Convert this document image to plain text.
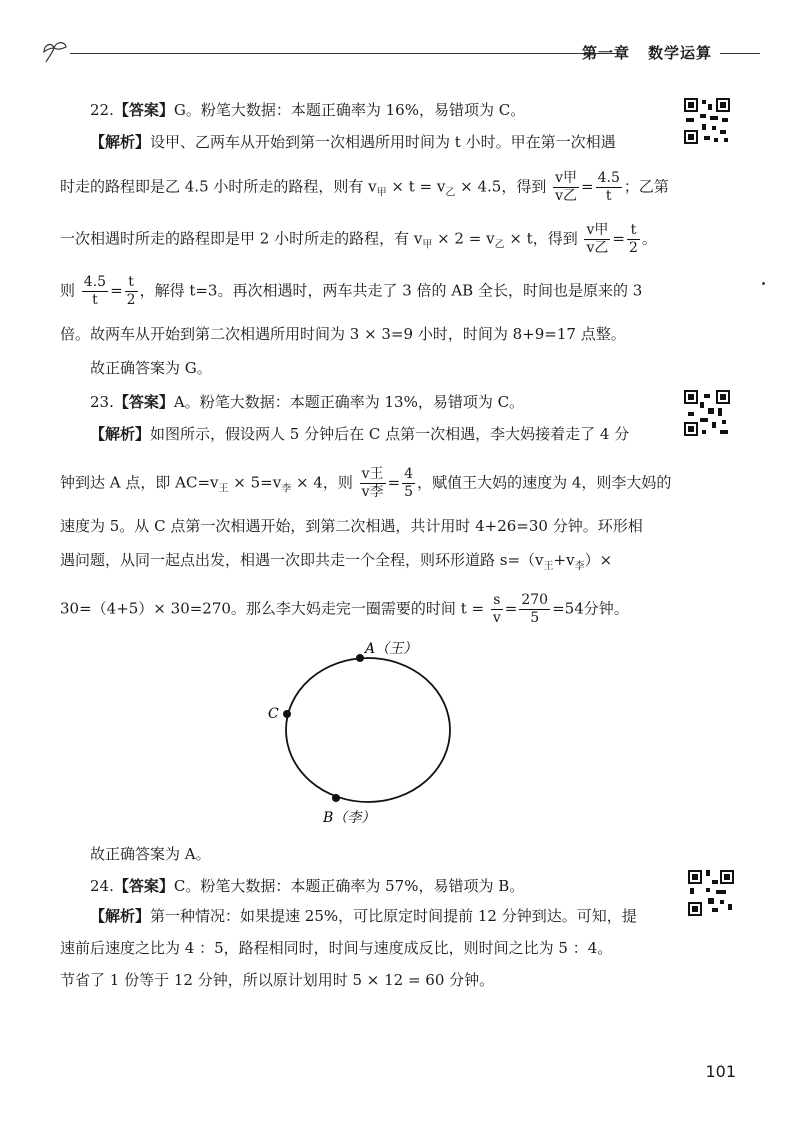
第一章 数学运算
22.【答案】G。粉笔大数据：本题正确率为 16%，易错项为 C。
【解析】设甲、乙两车从开始到第一次相遇所用时间为 t 小时。甲在第一次相遇
时走的路程即是乙 4.5 小时所走的路程，则有 $v_甲 \times t = v_乙 \times 4.5$，得到 $\frac{\text{v甲}}{\text{v乙}} = \frac{4.5}{t}$ ；乙第
一次相遇时所走的路程即是甲 2 小时所走的路程，有 $v_甲 \times 2 = v_乙 \times t$，得到 $\frac{\text{v甲}}{\text{v乙}} = \frac{t}{2}$ 。
则 $\frac{4.5}{t} = \frac{t}{2}$ ，解得 t=3。再次相遇时，两车共走了 3 倍的 AB 全长，时间也是原来的 3
倍。故两车从开始到第二次相遇所用时间为 3 × 3=9 小时，时间为 8+9=17 点整。
故正确答案为 G。
23.【答案】A。粉笔大数据：本题正确率为 13%，易错项为 C。
【解析】如图所示，假设两人 5 分钟后在 C 点第一次相遇，李大妈接着走了 4 分
钟到达 A 点，即 $AC=v_王 \times 5=v_李 \times 4$，则 $\frac{\text{v王}}{\text{v李}} = \frac{4}{5}$ ，赋值王大妈的速度为 4，则李大妈的
速度为 5。从 C 点第一次相遇开始，到第二次相遇，共计用时 4+26=30 分钟。环形相
遇问题，从同一起点出发，相遇一次即共走一个全程，则环形道路 $s=(v_王+v_李)\times$
30=（4+5）× 30=270。那么李大妈走完一圈需要的时间 $t = \frac{s}{v} = \frac{270}{5} =54$分钟。
A（王）
C
B（李）
故正确答案为 A。
24.【答案】C。粉笔大数据：本题正确率为 57%，易错项为 B。
【解析】第一种情况：如果提速 25%，可比原定时间提前 12 分钟到达。可知，提
速前后速度之比为 4 ：5，路程相同时，时间与速度成反比，则时间之比为 5 ：4。
节省了 1 份等于 12 分钟，所以原计划用时 5 × 12 = 60 分钟。
101
